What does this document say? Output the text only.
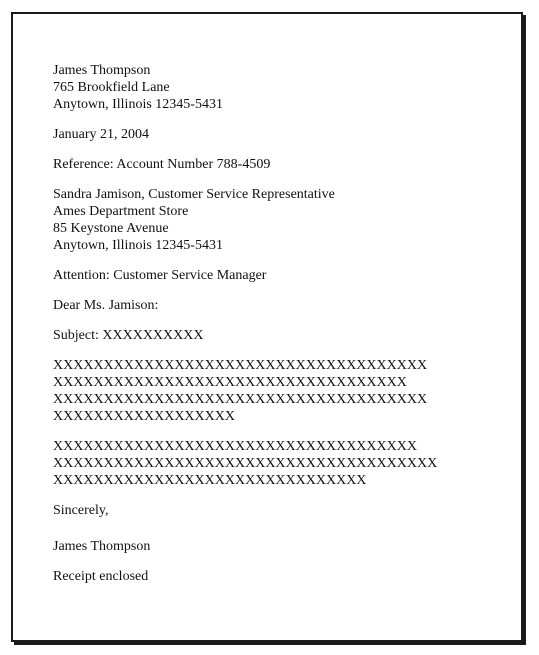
James Thompson
765 Brookfield Lane
Anytown, Illinois 12345-5431
January 21, 2004
Reference: Account Number 788-4509
Sandra Jamison, Customer Service Representative
Ames Department Store
85 Keystone Avenue
Anytown, Illinois 12345-5431
Attention: Customer Service Manager
Dear Ms. Jamison:
Subject: XXXXXXXXXX
XXXXXXXXXXXXXXXXXXXXXXXXXXXXXXXXXXXXX
XXXXXXXXXXXXXXXXXXXXXXXXXXXXXXXXXXX
XXXXXXXXXXXXXXXXXXXXXXXXXXXXXXXXXXXXX
XXXXXXXXXXXXXXXXXX
XXXXXXXXXXXXXXXXXXXXXXXXXXXXXXXXXXXX
XXXXXXXXXXXXXXXXXXXXXXXXXXXXXXXXXXXXXX
XXXXXXXXXXXXXXXXXXXXXXXXXXXXXXX
Sincerely,
James Thompson
Receipt enclosed
